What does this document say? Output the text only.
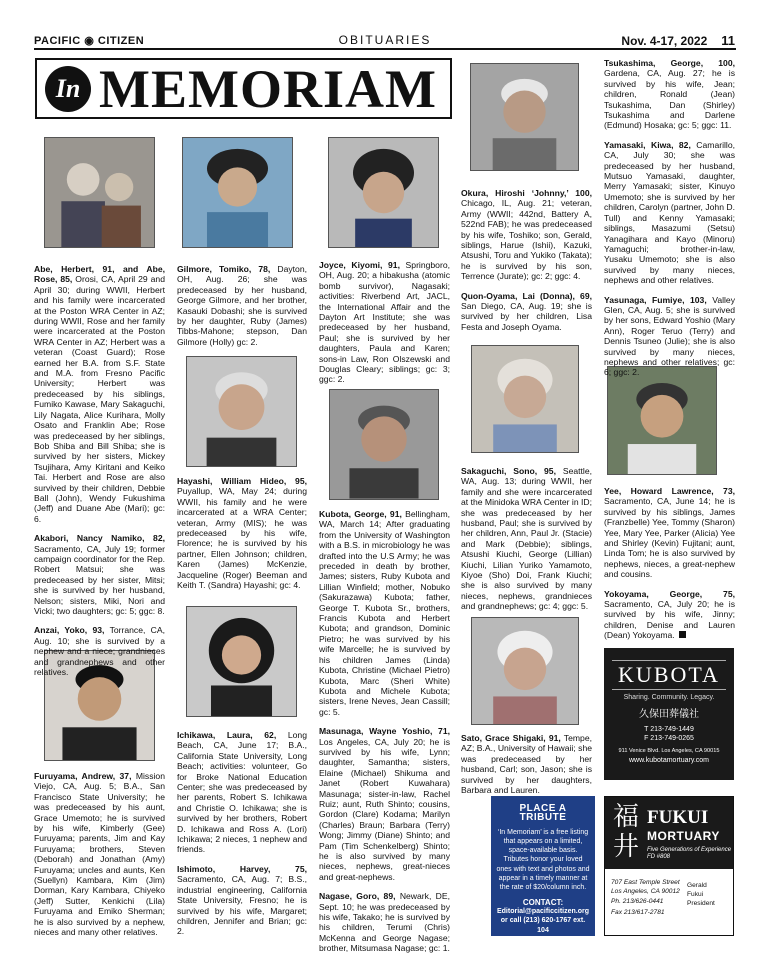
PACIFIC ◉ CITIZEN	OBITUARIES	Nov. 4-17, 2022 11
In MEMORIAM

Abe, Herbert, 91, and Abe, Rose, 85, Orosi, CA, April 29 and April 30; during WWII, Herbert and his family were incarcerated at the Poston WRA Center in AZ; during WWII, Rose and her family were incarcerated at the Poston WRA Center in AZ; Herbert was a veteran (Coast Guard); Rose earned her B.A. from S.F. State and M.A. from Fresno Pacific University; Herbert was predeceased by his siblings, Fumiko Kawase, Mary Sakaguchi, Lily Nagata, Alice Kurihara, Molly Osato and Franklin Abe; Rose was predeceased by her siblings, Bob Shiba and Bill Shiba; she is survived by her sisters, Mickey Tsujihara, Amy Kiritani and Keiko Tai. Herbert and Rose are also survived by their children, Debbie Ball (John), Wendy Fukushima (Jeff) and Duane Abe (Mari); gc: 6.

Akabori, Nancy Namiko, 82, Sacramento, CA, July 19; former campaign coordinator for the Rep. Robert Matsui; she was predeceased by her sister, Mitsi; she is survived by her husband, Nelson; sisters, Miki, Nori and Vicki; two daughters; gc: 5; ggc: 8.

Anzai, Yoko, 93, Torrance, CA, Aug. 10; she is survived by a nephew and a niece; grandnieces and grandnephews and other relatives.

Furuyama, Andrew, 37, Mission Viejo, CA, Aug. 5; B.A., San Francisco State University; he was predeceased by his aunt, Grace Umemoto; he is survived by his wife, Kimberly (Gee) Furuyama; parents, Jim and Kay Furuyama; brothers, Steven (Deborah) and Jonathan (Amy) Furuyama; uncles and aunts, Ken (Suellyn) Kambara, Kim (Jim) Dorman, Kary Kambara, Chiyeko (Jeff) Sutter, Kenkichi (Lila) Furuyama and Emiko Sherman; he is also survived by a nephew, nieces and many other relatives.

Gilmore, Tomiko, 78, Dayton, OH, Aug. 26; she was predeceased by her husband, George Gilmore, and her brother, Kasauki Dobashi; she is survived by her daughter, Ruby (James) Tibbs-Mahone; stepson, Dan Gilmore (Holly) gc: 2.

Hayashi, William Hideo, 95, Puyallup, WA, May 24; during WWII, his family and he were incarcerated at a WRA Center; veteran, Army (MIS); he was predeceased by his wife, Florence; he is survived by his partner, Ellen Johnson; children, Karen (James) McKenzie, Jacqueline (Roger) Beeman and Keith T. (Sandra) Hayashi; gc: 4.

Ichikawa, Laura, 62, Long Beach, CA, June 17; B.A., California State University, Long Beach; activities: volunteer, Go for Broke National Education Center; she was predeceased by her parents, Robert S. Ichikawa and Christie O. Ichikawa; she is survived by her brothers, Robert D. Ichikawa and Ross A. (Lori) Ichikawa; 2 nieces, 1 nephew and friends.

Ishimoto, Harvey, 75, Sacramento, CA, Aug. 7; B.S., industrial engineering, California State University, Fresno; he is survived by his wife, Margaret; children, Jennifer and Brian; gc: 2.

Joyce, Kiyomi, 91, Springboro, OH, Aug. 20; a hibakusha (atomic bomb survivor), Nagasaki; activities: Riverbend Art, JACL, the International Affair and the Dayton Art Institute; she was predeceased by her husband, Paul; she is survived by her daughters, Paula and Karen; sons-in Law, Ron Olszewski and Douglas Cleary; siblings; gc: 3; ggc: 2.

Kubota, George, 91, Bellingham, WA, March 14; After graduating from the University of Washington with a B.S. in microbiology he was drafted into the U.S Army; he was preceded in death by brother, James; sisters, Ruby Kubota and Lillian Winfield; mother, Nobuko (Sakurazawa) Kubota; father, George T. Kubota Sr., brothers, Francis Kubota and Herbert Kubota; and grandson, Dominic Pietro; he was survived by his wife Marcelle; he is survived by his children James (Linda) Kubota, Christine (Michael Pietro) Kubota, Marc (Sheri White) Kubota and Michele Kubota; sisters, Irene Neves, Jean Cassill; gc: 5.

Masunaga, Wayne Yoshio, 71, Los Angeles, CA, July 20; he is survived by his wife, Lynn; daughter, Samantha; sisters, Elaine (Michael) Shikuma and Janet (Robert Kuwahara) Masunaga; sister-in-law, Rachel Ruiz; aunt, Ruth Shinto; cousins, Gordon (Clare) Kodama; Marilyn (Charles) Braun; Barbara (Terry) Wong; Jimmy (Diane) Shinto; and Pam (Tim Schenkelberg) Shinto; he is also survived by many nieces, nephews, great-nieces and great-nephews.

Nagase, Goro, 89, Newark, DE, Sept. 10; he was predeceased by his wife, Takako; he is survived by his children, Terumi (Chris) McKenna and George Nagase; brother, Mitsumasa Nagase; gc: 1.

Okura, Hiroshi ‘Johnny,’ 100, Chicago, IL, Aug. 21; veteran, Army (WWII; 442nd, Battery A, 522nd FAB); he was predeceased by his wife, Toshiko; son, Gerald, siblings, Harue (Ishii), Kazuki, Atsushi, Toru and Yukiko (Takata); he is survived by his son, Terrence (Jurate); gc: 2; ggc: 4.

Quon-Oyama, Lai (Donna), 69, San Diego, CA, Aug. 19; she is survived by her children, Lisa Festa and Joseph Oyama.

Sakaguchi, Sono, 95, Seattle, WA, Aug. 13; during WWII, her family and she were incarcerated at the Minidoka WRA Center in ID; she was predeceased by her husband, Paul; she is survived by her children, Ann, Paul Jr. (Stacie) and Mark (Debbie); siblings, Atsushi Kiuchi, George (Lillian) Kiuchi, Lilian Yuriko Yamamoto, Kiyoe (Sho) Doi, Frank Kiuchi; she is also survived by many nieces, nephews, grandnieces and grandnephews; gc: 4; ggc: 5.

Sato, Grace Shigaki, 91, Tempe, AZ; B.A., University of Hawaii; she was predeceased by her husband, Carl; son, Jason; she is survived by her daughters, Barbara and Lauren.

Tsukashima, George, 100, Gardena, CA, Aug. 27; he is survived by his wife, Jean; children, Ronald (Jean) Tsukashima, Dan (Shirley) Tsukashima and Darlene (Edmund) Hosaka; gc: 5; ggc: 11.

Yamasaki, Kiwa, 82, Camarillo, CA, July 30; she was predeceased by her husband, Mutsuo Yamasaki, daughter, Merry Yamasaki; sister, Kinuyo Umemoto; she is survived by her children, Carolyn (partner, John D. Tull) and Kenny Yamasaki; siblings, Masazumi (Setsu) Yanagihara and Kayo (Minoru) Yamaguchi; brother-in-law, Yusaku Umemoto; she is also survived by many nieces, nephews and other relatives.

Yasunaga, Fumiye, 103, Valley Glen, CA, Aug. 5; she is survived by her sons, Edward Yoshio (Mary Ann), Roger Teruo (Terry) and Dennis Tsuneo (Julie); she is also survived by many nieces, nephews and other relatives; gc: 6; ggc: 2.

Yee, Howard Lawrence, 73, Sacramento, CA, June 14; he is survived by his siblings, James (Franzbelle) Yee, Tommy (Sharon) Yee, Mary Yee, Parker (Alicia) Yee and Shirley (Kevin) Fujitani; aunt, Linda Tom; he is also survived by nephews, nieces, a great-nephew and cousins.

Yokoyama, George, 75, Sacramento, CA, July 20; he is survived by his wife, Jinny; children, Denise and Lauren (Dean) Yokoyama.

KUBOTA
Sharing. Community. Legacy.
久保田葬儀社
T 213-749-1449
F 213-749-0265
911 Venice Blvd. Los Angeles, CA 90015
www.kubotamortuary.com
PLACE A TRIBUTE
‘In Memoriam’ is a free listing that appears on a limited, space-available basis. Tributes honor your loved ones with text and photos and appear in a timely manner at the rate of $20/column inch.
CONTACT:
Editorial@pacificcitizen.org or call (213) 620-1767 ext. 104
福井
FUKUI
MORTUARY
Five Generations of Experience
FD #808
707 East Temple Street
Los Angeles, CA 90012
Ph. 213/626-0441
Fax 213/617-2781
Gerald
Fukui
President
